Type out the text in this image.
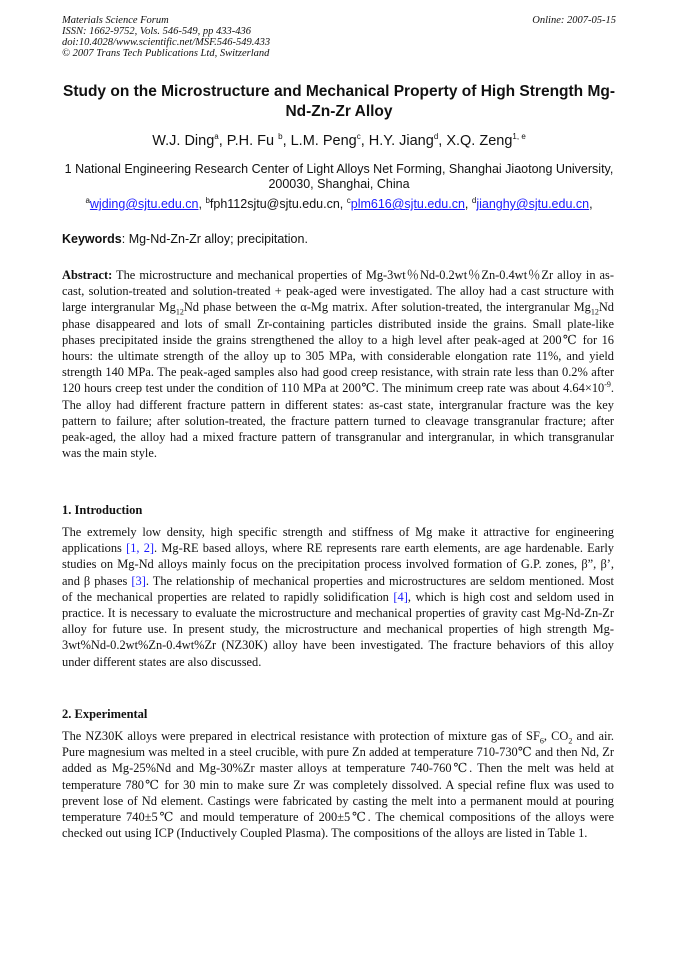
Materials Science Forum
ISSN: 1662-9752, Vols. 546-549, pp 433-436
doi:10.4028/www.scientific.net/MSF.546-549.433
© 2007 Trans Tech Publications Ltd, Switzerland
Online: 2007-05-15
Study on the Microstructure and Mechanical Property of High Strength Mg-Nd-Zn-Zr Alloy
W.J. Ding$^a$, P.H. Fu $^b$, L.M. Peng$^c$, H.Y. Jiang$^d$, X.Q. Zeng$^{1, e}$
1 National Engineering Research Center of Light Alloys Net Forming, Shanghai Jiaotong University, 200030, Shanghai, China
$^a$wjding@sjtu.edu.cn, $^b$fph112sjtu@sjtu.edu.cn, $^c$plm616@sjtu.edu.cn, $^d$jianghy@sjtu.edu.cn,
Keywords: Mg-Nd-Zn-Zr alloy; precipitation.
Abstract: The microstructure and mechanical properties of Mg-3wt％Nd-0.2wt％Zn-0.4wt％Zr alloy in as-cast, solution-treated and solution-treated + peak-aged were investigated. The alloy had a cast structure with large intergranular $Mg_{12}Nd$ phase between the α-Mg matrix. After solution-treated, the intergranular $Mg_{12}Nd$ phase disappeared and lots of small Zr-containing particles distributed inside the grains. Small plate-like phases precipitated inside the grains strengthened the alloy to a high level after peak-aged at 200℃ for 16 hours: the ultimate strength of the alloy up to 305 MPa, with considerable elongation rate 11%, and yield strength 140 MPa. The peak-aged samples also had good creep resistance, with strain rate less than 0.2% after 120 hours creep test under the condition of 110 MPa at 200℃. The minimum creep rate was about $4.64\times 10^{-9}$. The alloy had different fracture pattern in different states: as-cast state, intergranular fracture was the key pattern to failure; after solution-treated, the fracture pattern turned to cleavage transgranular fracture; after peak-aged, the alloy had a mixed fracture pattern of transgranular and intergranular, in which transgranular was the main style.
1. Introduction
The extremely low density, high specific strength and stiffness of Mg make it attractive for engineering applications [1, 2]. Mg-RE based alloys, where RE represents rare earth elements, are age hardenable. Early studies on Mg-Nd alloys mainly focus on the precipitation process involved formation of G.P. zones, β”, β’, and β phases [3]. The relationship of mechanical properties and microstructures are seldom mentioned. Most of the mechanical properties are related to rapidly solidification [4], which is high cost and seldom used in practice. It is necessary to evaluate the microstructure and mechanical properties of gravity cast Mg-Nd-Zn-Zr alloy for future use. In present study, the microstructure and mechanical properties of high strength Mg-3wt%Nd-0.2wt%Zn-0.4wt%Zr (NZ30K) alloy have been investigated. The fracture behaviors of this alloy under different states are also discussed.
2. Experimental
The NZ30K alloys were prepared in electrical resistance with protection of mixture gas of $SF_6$, $CO_2$ and air. Pure magnesium was melted in a steel crucible, with pure Zn added at temperature 710-730℃ and then Nd, Zr added as Mg-25%Nd and Mg-30%Zr master alloys at temperature 740-760℃. Then the melt was held at temperature 780℃ for 30 min to make sure Zr was completely dissolved. A special refine flux was used to prevent lose of Nd element. Castings were fabricated by casting the melt into a permanent mould at pouring temperature 740±5℃ and mould temperature of 200±5℃. The chemical compositions of the alloys were checked out using ICP (Inductively Coupled Plasma). The compositions of the alloys are listed in Table 1.
